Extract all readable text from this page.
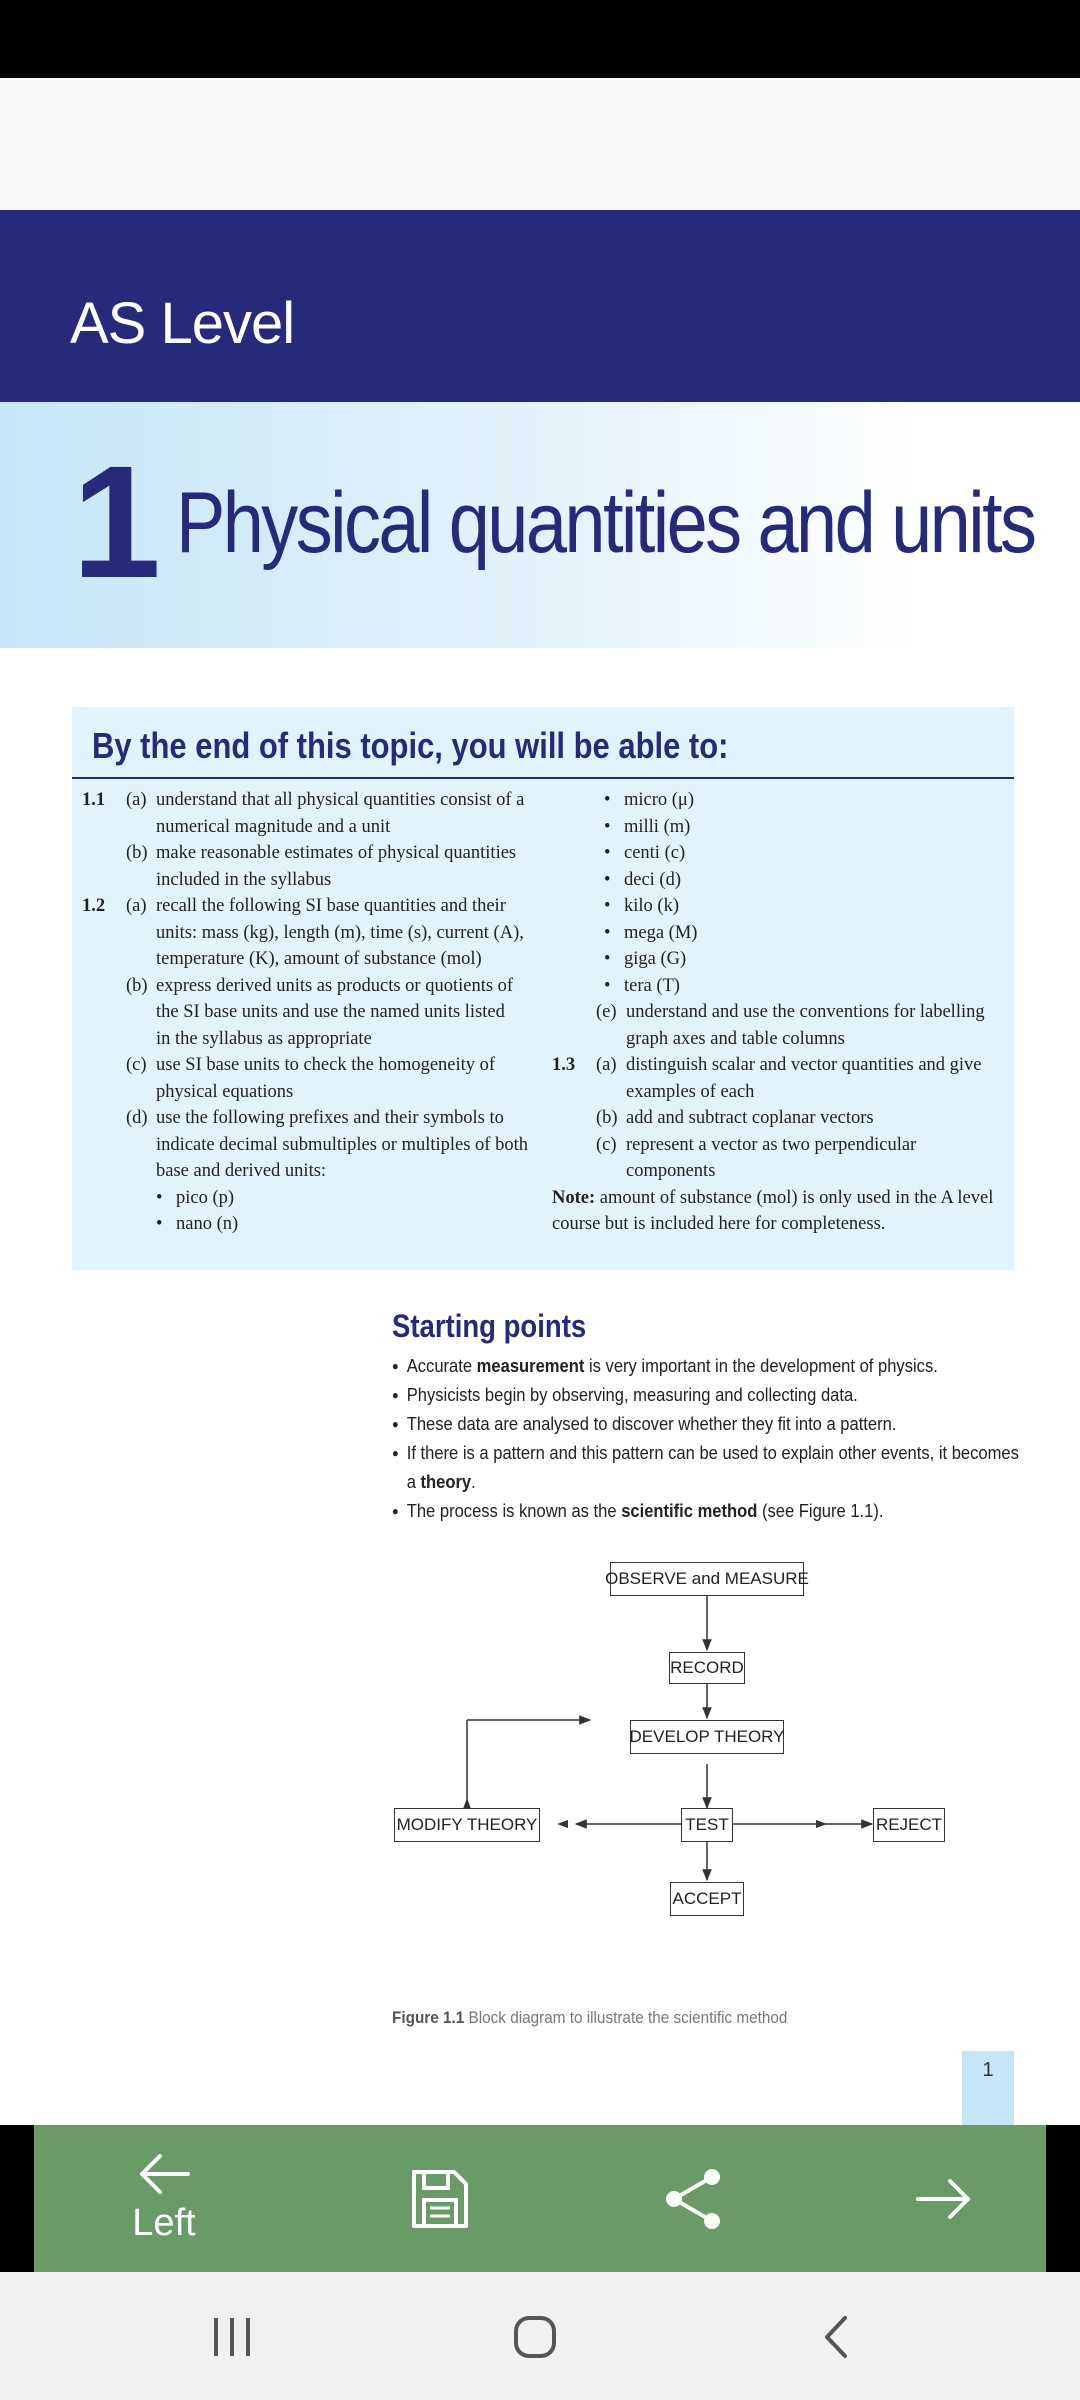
AS Level
1 Physical quantities and units
By the end of this topic, you will be able to:
1.1 (a) understand that all physical quantities consist of a
numerical magnitude and a unit
(b) make reasonable estimates of physical quantities
included in the syllabus
1.2 (a) recall the following SI base quantities and their
units: mass (kg), length (m), time (s), current (A),
temperature (K), amount of substance (mol)
(b) express derived units as products or quotients of
the SI base units and use the named units listed
in the syllabus as appropriate
(c) use SI base units to check the homogeneity of
physical equations
(d) use the following prefixes and their symbols to
indicate decimal submultiples or multiples of both
base and derived units:
• pico (p)
• nano (n)
• micro (μ)
• milli (m)
• centi (c)
• deci (d)
• kilo (k)
• mega (M)
• giga (G)
• tera (T)
(e) understand and use the conventions for labelling
graph axes and table columns
1.3 (a) distinguish scalar and vector quantities and give
examples of each
(b) add and subtract coplanar vectors
(c) represent a vector as two perpendicular
components
Note: amount of substance (mol) is only used in the A level
course but is included here for completeness.
Starting points
● Accurate measurement is very important in the development of physics.
● Physicists begin by observing, measuring and collecting data.
● These data are analysed to discover whether they fit into a pattern.
● If there is a pattern and this pattern can be used to explain other events, it becomes
a theory.
● The process is known as the scientific method (see Figure 1.1).
OBSERVE and MEASURE
RECORD
DEVELOP THEORY
MODIFY THEORY	TEST	REJECT
ACCEPT
Figure 1.1 Block diagram to illustrate the scientific method
1
Left
